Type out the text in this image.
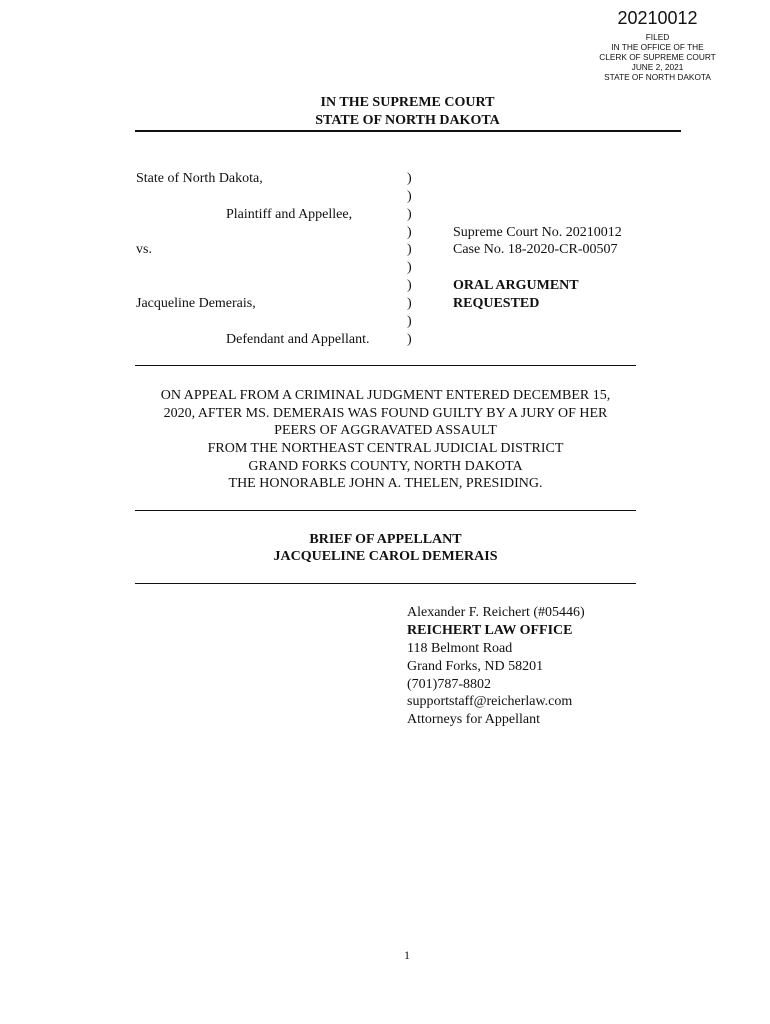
20210012
FILED
IN THE OFFICE OF THE
CLERK OF SUPREME COURT
JUNE 2, 2021
STATE OF NORTH DAKOTA
IN THE SUPREME COURT
STATE OF NORTH DAKOTA
State of North Dakota,
Plaintiff and Appellee,
vs.
Jacqueline Demerais,
Defendant and Appellant.
)
)
)
)
)
)
)
)
)
)
Supreme Court No. 20210012
Case No. 18-2020-CR-00507
ORAL ARGUMENT
REQUESTED
ON APPEAL FROM A CRIMINAL JUDGMENT ENTERED DECEMBER 15,
2020, AFTER MS. DEMERAIS WAS FOUND GUILTY BY A JURY OF HER
PEERS OF AGGRAVATED ASSAULT
FROM THE NORTHEAST CENTRAL JUDICIAL DISTRICT
GRAND FORKS COUNTY, NORTH DAKOTA
THE HONORABLE JOHN A. THELEN, PRESIDING.
BRIEF OF APPELLANT
JACQUELINE CAROL DEMERAIS
Alexander F. Reichert (#05446)
REICHERT LAW OFFICE
118 Belmont Road
Grand Forks, ND 58201
(701)787-8802
supportstaff@reicherlaw.com
Attorneys for Appellant
1
